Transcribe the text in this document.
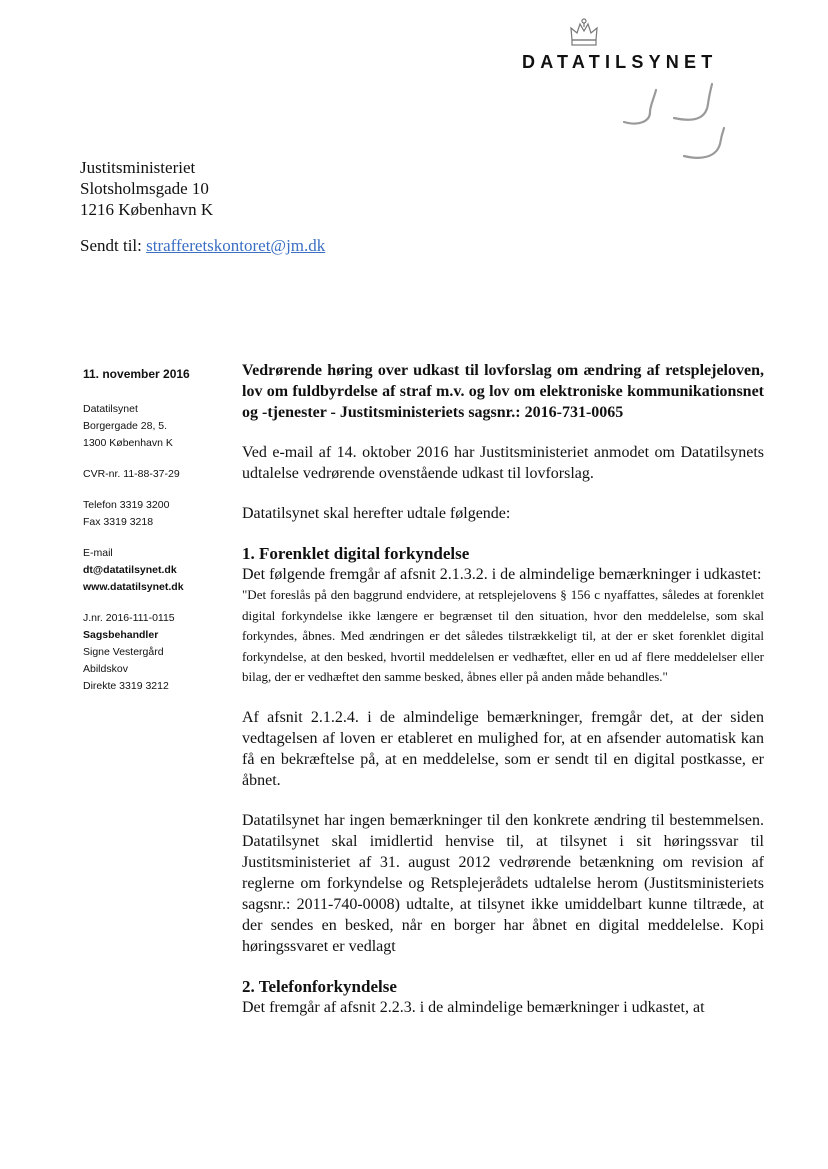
DATATILSYNET
Justitsministeriet
Slotsholmsgade 10
1216 København K
Sendt til: strafferetskontoret@jm.dk
11. november 2016
Datatilsynet
Borgergade 28, 5.
1300 København K
CVR-nr. 11-88-37-29
Telefon 3319 3200
Fax 3319 3218
E-mail
dt@datatilsynet.dk
www.datatilsynet.dk
J.nr. 2016-111-0115
Sagsbehandler
Signe Vestergård
Abildskov
Direkte 3319 3212

Vedrørende høring over udkast til lovforslag om ændring af retsplejeloven, lov om fuldbyrdelse af straf m.v. og lov om elektroniske kommunikationsnet og -tjenester - Justitsministeriets sagsnr.: 2016-731-0065

Ved e-mail af 14. oktober 2016 har Justitsministeriet anmodet om Datatilsynets udtalelse vedrørende ovenstående udkast til lovforslag.

Datatilsynet skal herefter udtale følgende:

1. Forenklet digital forkyndelse

Det følgende fremgår af afsnit 2.1.3.2. i de almindelige bemærkninger i udkastet:

"Det foreslås på den baggrund endvidere, at retsplejelovens § 156 c nyaffattes, således at forenklet digital forkyndelse ikke længere er begrænset til den situation, hvor den meddelelse, som skal forkyndes, åbnes. Med ændringen er det således tilstrækkeligt til, at der er sket forenklet digital forkyndelse, at den besked, hvortil meddelelsen er vedhæftet, eller en ud af flere meddelelser eller bilag, der er vedhæftet den samme besked, åbnes eller på anden måde behandles."

Af afsnit 2.1.2.4. i de almindelige bemærkninger, fremgår det, at der siden vedtagelsen af loven er etableret en mulighed for, at en afsender automatisk kan få en bekræftelse på, at en meddelelse, som er sendt til en digital postkasse, er åbnet.

Datatilsynet har ingen bemærkninger til den konkrete ændring til bestemmelsen. Datatilsynet skal imidlertid henvise til, at tilsynet i sit høringssvar til Justitsministeriet af 31. august 2012 vedrørende betænkning om revision af reglerne om forkyndelse og Retsplejerådets udtalelse herom (Justitsministeriets sagsnr.: 2011-740-0008) udtalte, at tilsynet ikke umiddelbart kunne tiltræde, at der sendes en besked, når en borger har åbnet en digital meddelelse. Kopi høringssvaret er vedlagt

2. Telefonforkyndelse

Det fremgår af afsnit 2.2.3. i de almindelige bemærkninger i udkastet, at
